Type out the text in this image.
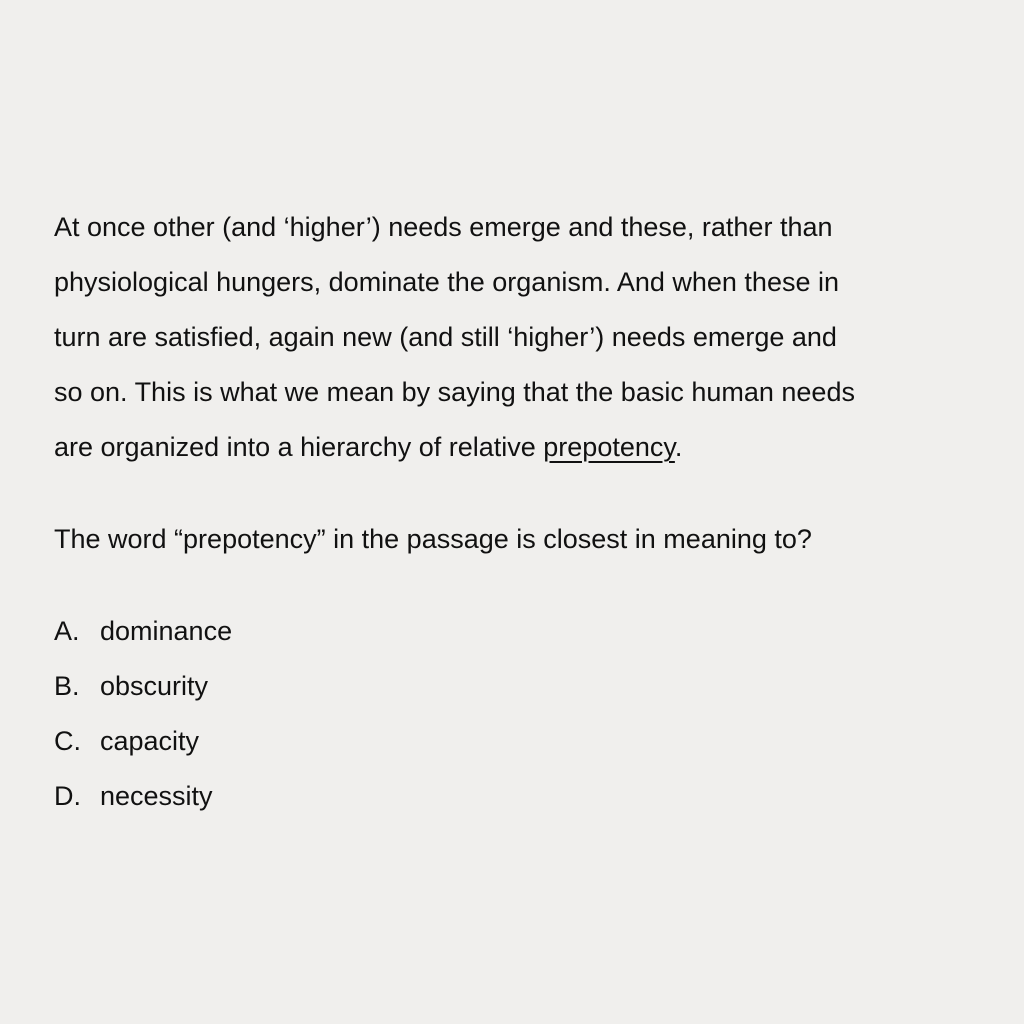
At once other (and ‘higher’) needs emerge and these, rather than
physiological hungers, dominate the organism. And when these in
turn are satisfied, again new (and still ‘higher’) needs emerge and
so on. This is what we mean by saying that the basic human needs
are organized into a hierarchy of relative prepotency.

The word “prepotency” in the passage is closest in meaning to?

A. dominance
B. obscurity
C. capacity
D. necessity
